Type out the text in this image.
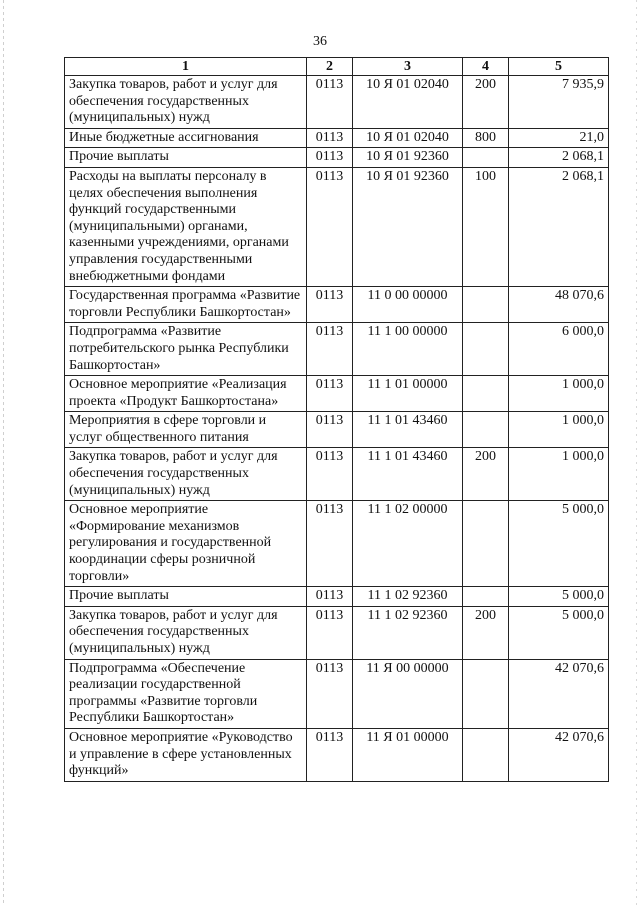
36
1	2	3	4	5
Закупка товаров, работ и услуг для обеспечения государственных (муниципальных) нужд	0113	10 Я 01 02040	200	7 935,9
Иные бюджетные ассигнования	0113	10 Я 01 02040	800	21,0
Прочие выплаты	0113	10 Я 01 92360		2 068,1
Расходы на выплаты персоналу в целях обеспечения выполнения функций государственными (муниципальными) органами, казенными учреждениями, органами управления государственными внебюджетными фондами	0113	10 Я 01 92360	100	2 068,1
Государственная программа «Развитие торговли Республики Башкортостан»	0113	11 0 00 00000		48 070,6
Подпрограмма «Развитие потребительского рынка Республики Башкортостан»	0113	11 1 00 00000		6 000,0
Основное мероприятие «Реализация проекта «Продукт Башкортостана»	0113	11 1 01 00000		1 000,0
Мероприятия в сфере торговли и услуг общественного питания	0113	11 1 01 43460		1 000,0
Закупка товаров, работ и услуг для обеспечения государственных (муниципальных) нужд	0113	11 1 01 43460	200	1 000,0
Основное мероприятие «Формирование механизмов регулирования и государственной координации сферы розничной торговли»	0113	11 1 02 00000		5 000,0
Прочие выплаты	0113	11 1 02 92360		5 000,0
Закупка товаров, работ и услуг для обеспечения государственных (муниципальных) нужд	0113	11 1 02 92360	200	5 000,0
Подпрограмма «Обеспечение реализации государственной программы «Развитие торговли Республики Башкортостан»	0113	11 Я 00 00000		42 070,6
Основное мероприятие «Руководство и управление в сфере установленных функций»	0113	11 Я 01 00000		42 070,6
